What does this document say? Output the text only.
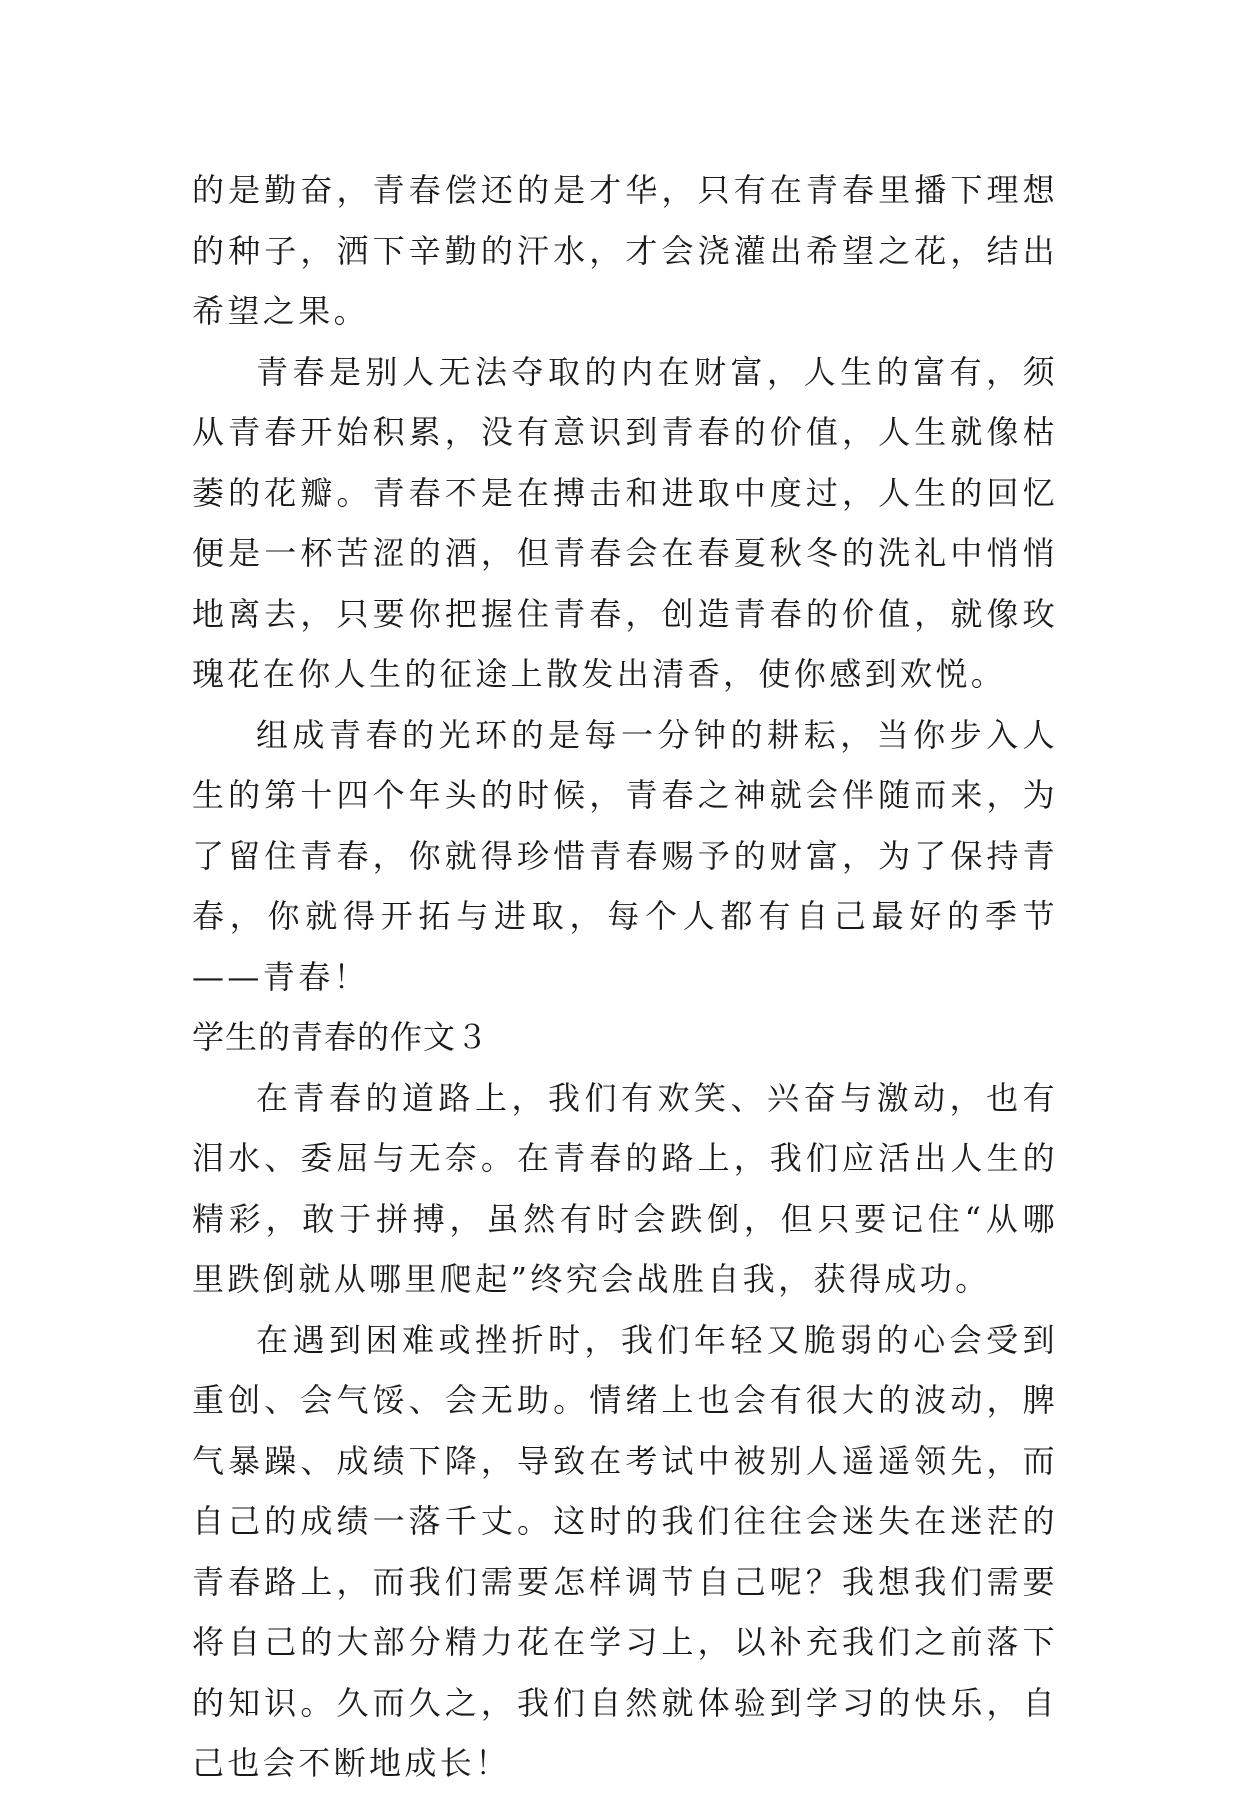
的是勤奋，青春偿还的是才华，只有在青春里播下理想的种子，洒下辛勤的汗水，才会浇灌出希望之花，结出希望之果。

青春是别人无法夺取的内在财富，人生的富有，须从青春开始积累，没有意识到青春的价值，人生就像枯萎的花瓣。青春不是在搏击和进取中度过，人生的回忆便是一杯苦涩的酒，但青春会在春夏秋冬的洗礼中悄悄地离去，只要你把握住青春，创造青春的价值，就像玫瑰花在你人生的征途上散发出清香，使你感到欢悦。

组成青春的光环的是每一分钟的耕耘，当你步入人生的第十四个年头的时候，青春之神就会伴随而来，为了留住青春，你就得珍惜青春赐予的财富，为了保持青春，你就得开拓与进取，每个人都有自己最好的季节——青春！

学生的青春的作文３

在青春的道路上，我们有欢笑、兴奋与激动，也有泪水、委屈与无奈。在青春的路上，我们应活出人生的精彩，敢于拼搏，虽然有时会跌倒，但只要记住“从哪里跌倒就从哪里爬起”终究会战胜自我，获得成功。

在遇到困难或挫折时，我们年轻又脆弱的心会受到重创、会气馁、会无助。情绪上也会有很大的波动，脾气暴躁、成绩下降，导致在考试中被别人遥遥领先，而自己的成绩一落千丈。这时的我们往往会迷失在迷茫的青春路上，而我们需要怎样调节自己呢？我想我们需要将自己的大部分精力花在学习上，以补充我们之前落下的知识。久而久之，我们自然就体验到学习的快乐，自己也会不断地成长！
